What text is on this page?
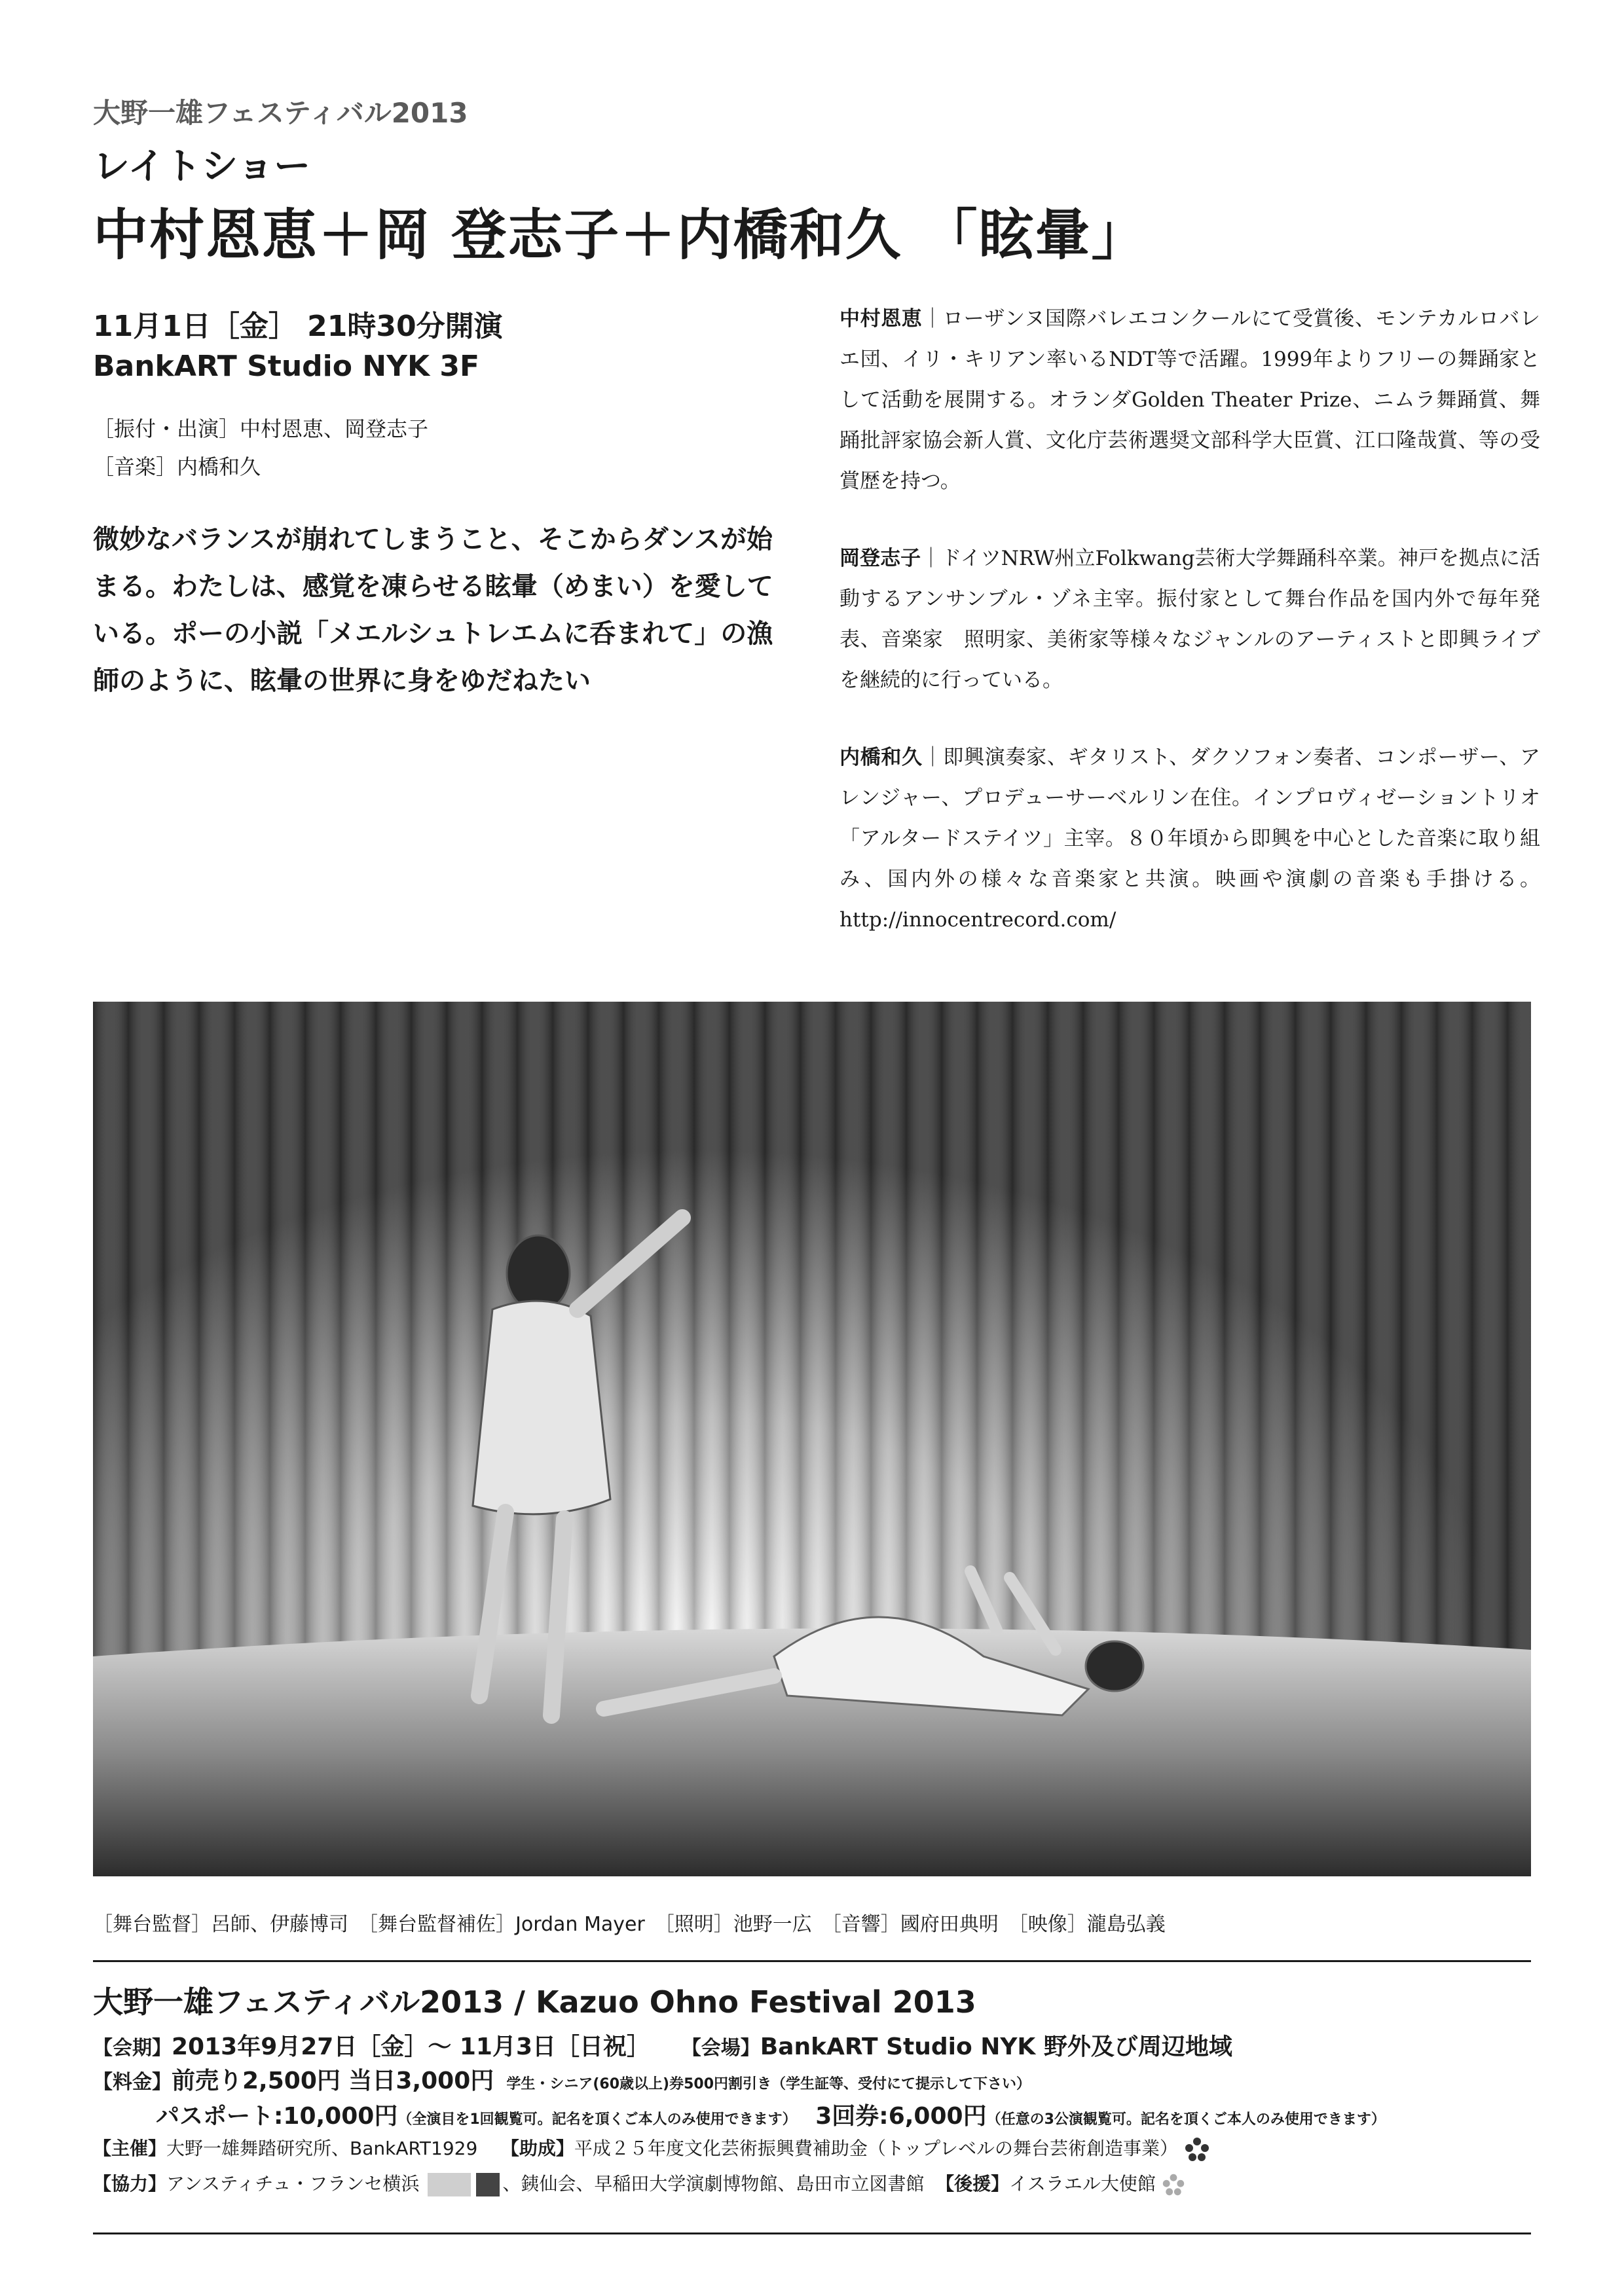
大野一雄フェスティバル2013
レイトショー
中村恩恵＋岡 登志子＋内橋和久 「眩暈」
11月1日［金］ 21時30分開演
BankART Studio NYK 3F
［振付・出演］中村恩恵、岡登志子
［音楽］内橋和久
微妙なバランスが崩れてしまうこと、そこからダンスが始まる。わたしは、感覚を凍らせる眩暈（めまい）を愛している。ポーの小説「メエルシュトレエムに呑まれて」の漁師のように、眩暈の世界に身をゆだねたい
中村恩恵｜ローザンヌ国際バレエコンクールにて受賞後、モンテカルロバレエ団、イリ・キリアン率いるNDT等で活躍。1999年よりフリーの舞踊家として活動を展開する。オランダGolden Theater Prize、ニムラ舞踊賞、舞踊批評家協会新人賞、文化庁芸術選奨文部科学大臣賞、江口隆哉賞、等の受賞歴を持つ。
岡登志子｜ドイツNRW州立Folkwang芸術大学舞踊科卒業。神戸を拠点に活動するアンサンブル・ゾネ主宰。振付家として舞台作品を国内外で毎年発表、音楽家　照明家、美術家等様々なジャンルのアーティストと即興ライブを継続的に行っている。
内橋和久｜即興演奏家、ギタリスト、ダクソフォン奏者、コンポーザー、アレンジャー、プロデューサーベルリン在住。インプロヴィゼーショントリオ「アルタードステイツ」主宰。８０年頃から即興を中心とした音楽に取り組み、国内外の様々な音楽家と共演。映画や演劇の音楽も手掛ける。http://innocentrecord.com/
［舞台監督］呂師、伊藤博司　［舞台監督補佐］Jordan Mayer　［照明］池野一広　［音響］國府田典明　［映像］瀧島弘義
大野一雄フェスティバル2013 / Kazuo Ohno Festival 2013
【会期】2013年9月27日［金］〜 11月3日［日祝］ 【会場】BankART Studio NYK 野外及び周辺地域
【料金】前売り2,500円 当日3,000円 学生・シニア(60歳以上)券500円割引き（学生証等、受付にて提示して下さい）
パスポート:10,000円（全演目を1回観覧可。記名を頂くご本人のみ使用できます） 3回券:6,000円（任意の3公演観覧可。記名を頂くご本人のみ使用できます）
【主催】大野一雄舞踏研究所、BankART1929 【助成】平成２５年度文化芸術振興費補助金（トップレベルの舞台芸術創造事業）
【協力】アンスティチュ・フランセ横浜	、銕仙会、早稲田大学演劇博物館、島田市立図書館 【後援】イスラエル大使館
